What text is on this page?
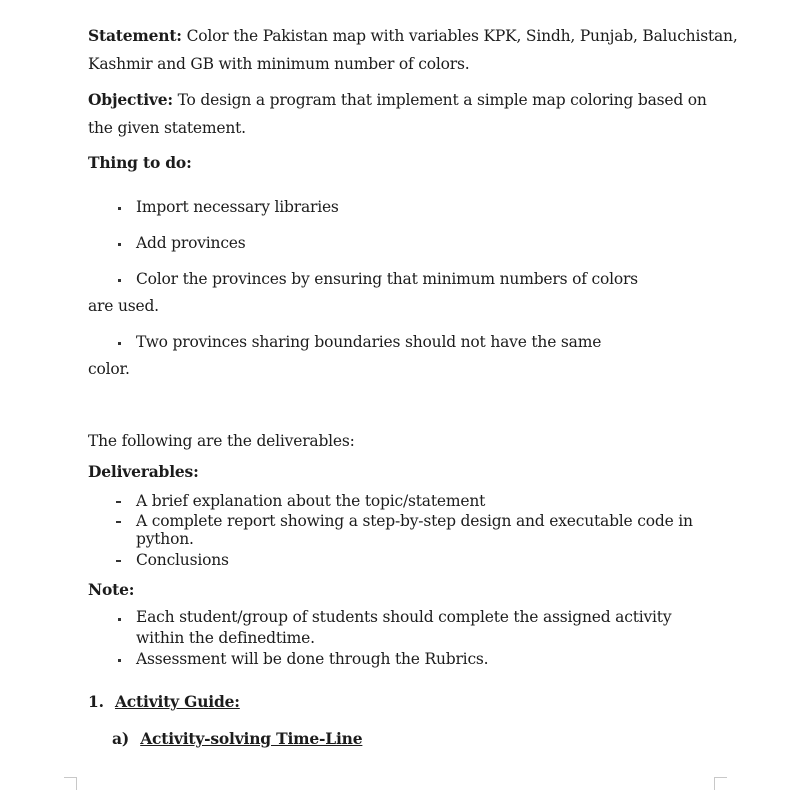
Statement: Color the Pakistan map with variables KPK, Sindh, Punjab, Baluchistan,
Kashmir and GB with minimum number of colors.
Objective: To design a program that implement a simple map coloring based on
the given statement.
Thing to do:
Import necessary libraries
Add provinces
Color the provinces by ensuring that minimum numbers of colors
are used.
Two provinces sharing boundaries should not have the same
color.
The following are the deliverables:
Deliverables:
A brief explanation about the topic/statement
A complete report showing a step-by-step design and executable code in
python.
Conclusions
Note:
Each student/group of students should complete the assigned activity
within the definedtime.
Assessment will be done through the Rubrics.
1. Activity Guide:
a) Activity-solving Time-Line
